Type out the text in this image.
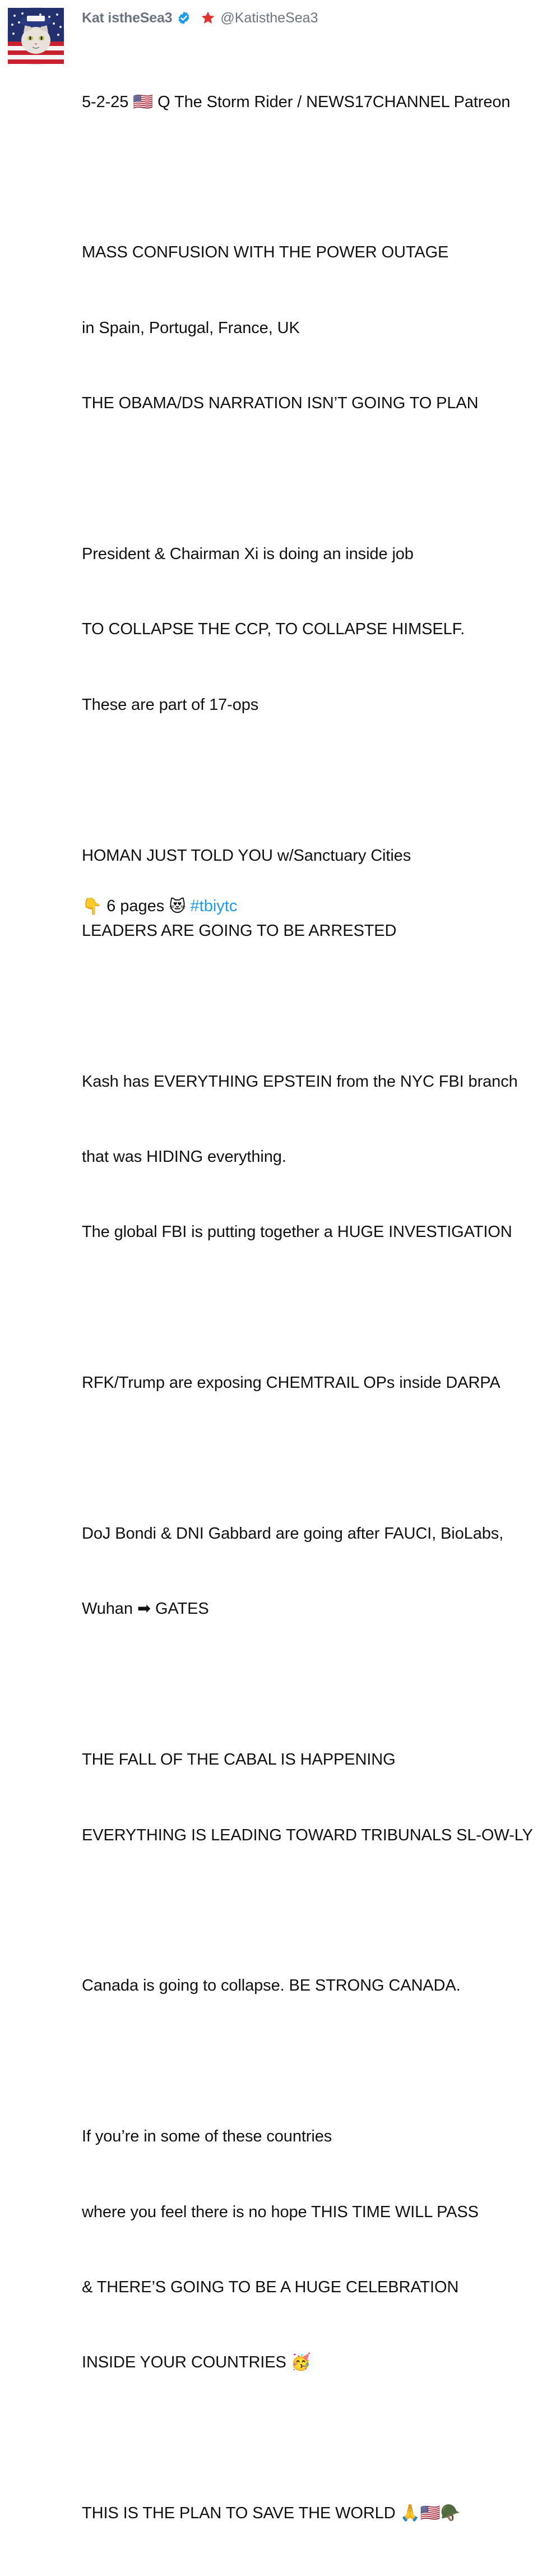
Kat istheSea3	@KatistheSea3

5-2-25 🇺🇸 Q The Storm Rider / NEWS17CHANNEL Patreon

MASS CONFUSION WITH THE POWER OUTAGE

in Spain, Portugal, France, UK

THE OBAMA/DS NARRATION ISN’T GOING TO PLAN

President & Chairman Xi is doing an inside job

TO COLLAPSE THE CCP, TO COLLAPSE HIMSELF.

These are part of 17-ops

HOMAN JUST TOLD YOU w/Sanctuary Cities

LEADERS ARE GOING TO BE ARRESTED

Kash has EVERYTHING EPSTEIN from the NYC FBI branch

that was HIDING everything.

The global FBI is putting together a HUGE INVESTIGATION

RFK/Trump are exposing CHEMTRAIL OPs inside DARPA

DoJ Bondi & DNI Gabbard are going after FAUCI, BioLabs,

Wuhan ➡ GATES

THE FALL OF THE CABAL IS HAPPENING

EVERYTHING IS LEADING TOWARD TRIBUNALS SL-OW-LY

Canada is going to collapse. BE STRONG CANADA.

If you’re in some of these countries

where you feel there is no hope THIS TIME WILL PASS

& THERE’S GOING TO BE A HUGE CELEBRATION

INSIDE YOUR COUNTRIES 🥳

THIS IS THE PLAN TO SAVE THE WORLD 🙏🇺🇸🪖

👇 6 pages 😻 #tbiytc
